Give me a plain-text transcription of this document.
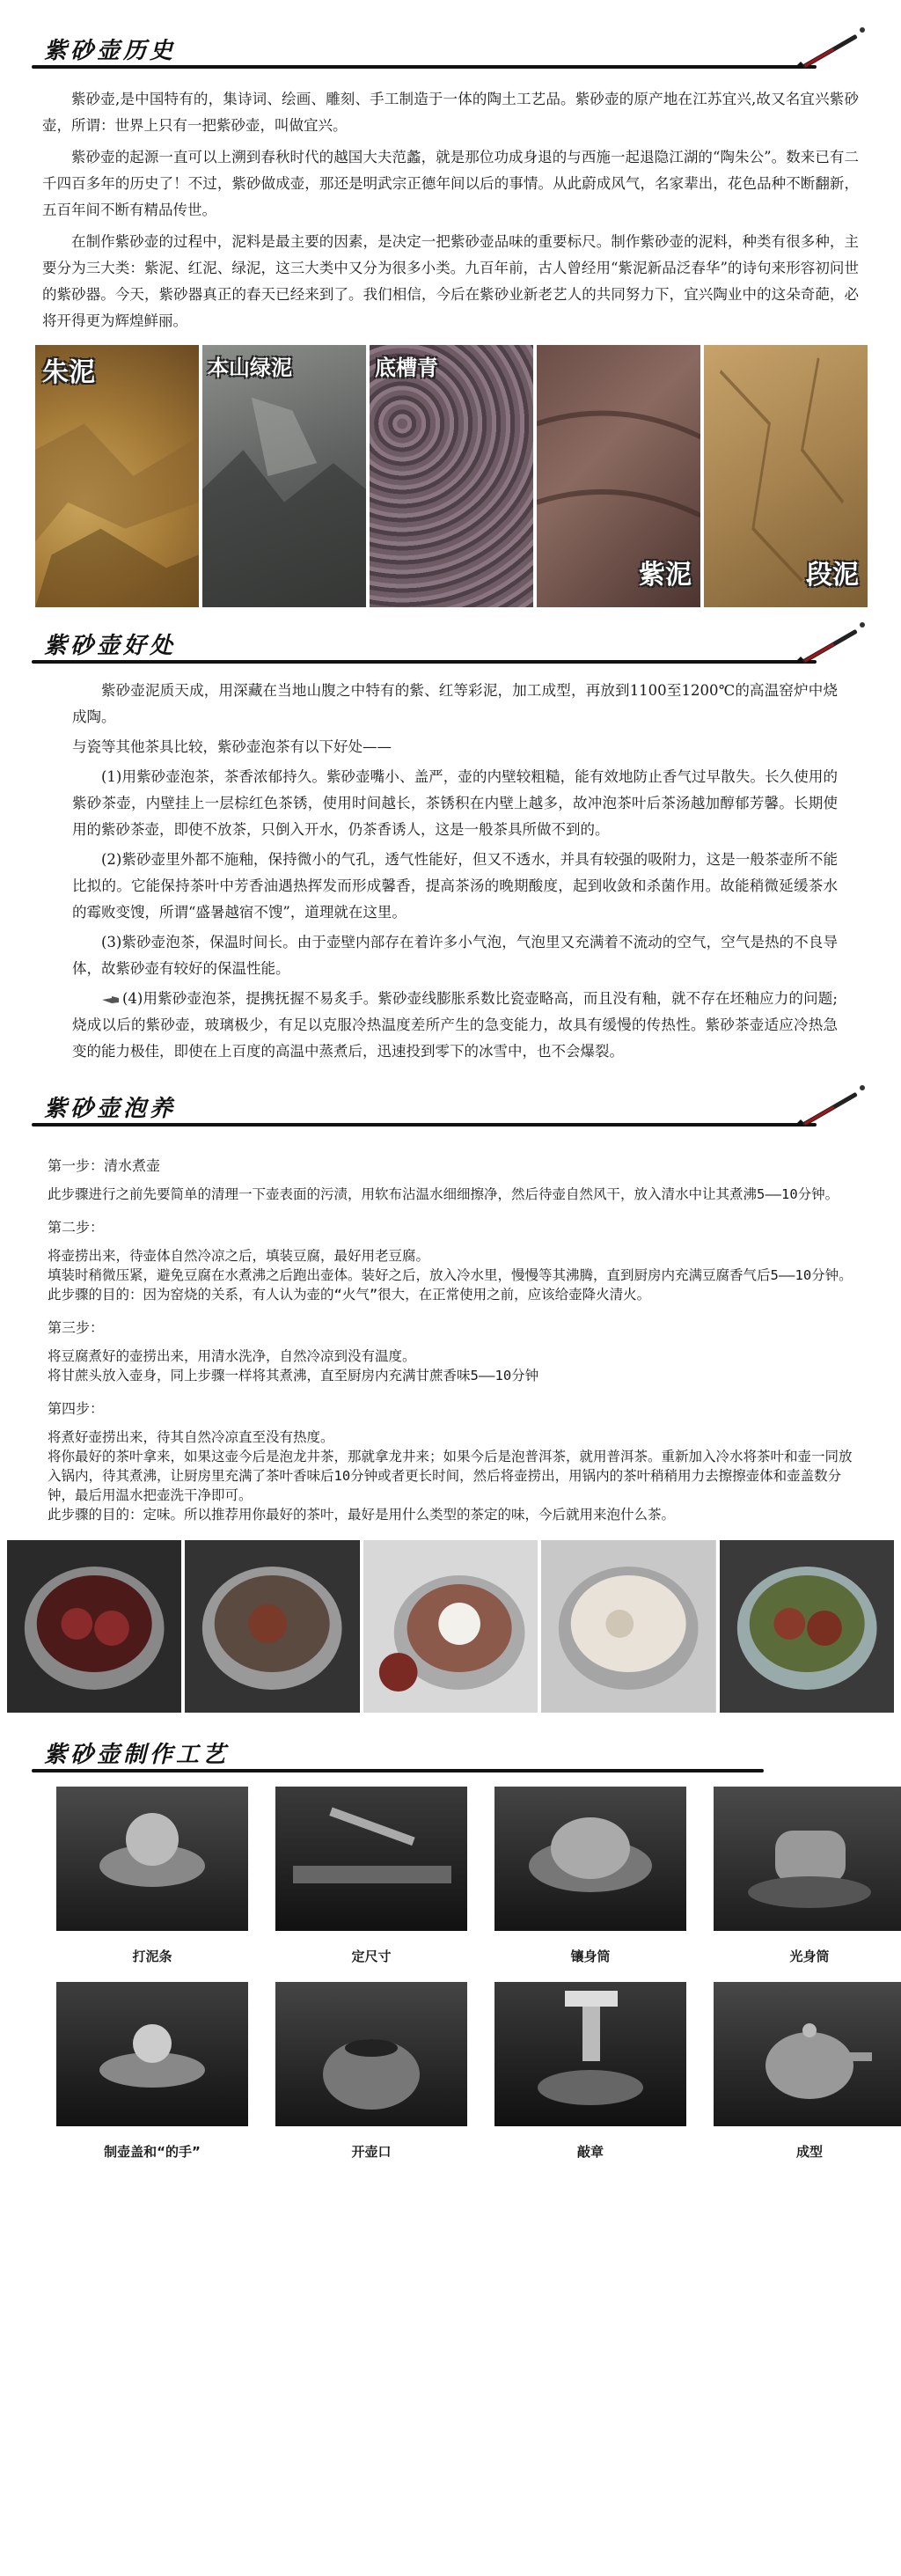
紫砂壶历史

紫砂壶,是中国特有的，集诗词、绘画、雕刻、手工制造于一体的陶土工艺品。紫砂壶的原产地在江苏宜兴,故又名宜兴紫砂壶，所谓：世界上只有一把紫砂壶，叫做宜兴。

紫砂壶的起源一直可以上溯到春秋时代的越国大夫范蠡，就是那位功成身退的与西施一起退隐江湖的“陶朱公”。数来已有二千四百多年的历史了！不过，紫砂做成壶，那还是明武宗正德年间以后的事情。从此蔚成风气，名家辈出，花色品种不断翻新，五百年间不断有精品传世。

在制作紫砂壶的过程中，泥料是最主要的因素，是决定一把紫砂壶品味的重要标尺。制作紫砂壶的泥料，种类有很多种，主要分为三大类：紫泥、红泥、绿泥，这三大类中又分为很多小类。九百年前，古人曾经用“紫泥新品泛春华”的诗句来形容初问世的紫砂器。今天，紫砂器真正的春天已经来到了。我们相信，今后在紫砂业新老艺人的共同努力下，宜兴陶业中的这朵奇葩，必将开得更为辉煌鲜丽。

朱泥	本山绿泥	底槽青
紫泥	段泥
紫砂壶好处

紫砂壶泥质天成，用深藏在当地山腹之中特有的紫、红等彩泥，加工成型，再放到1100至1200℃的高温窑炉中烧成陶。

与瓷等其他茶具比较，紫砂壶泡茶有以下好处——

(1)用紫砂壶泡茶，茶香浓郁持久。紫砂壶嘴小、盖严，壶的内壁较粗糙，能有效地防止香气过早散失。长久使用的紫砂茶壶，内壁挂上一层棕红色茶锈，使用时间越长，茶锈积在内壁上越多，故冲泡茶叶后茶汤越加醇郁芳馨。长期使用的紫砂茶壶，即使不放茶，只倒入开水，仍茶香诱人，这是一般茶具所做不到的。

(2)紫砂壶里外都不施釉，保持微小的气孔，透气性能好，但又不透水，并具有较强的吸附力，这是一般茶壶所不能比拟的。它能保持茶叶中芳香油遇热挥发而形成馨香，提高茶汤的晚期酸度，起到收敛和杀菌作用。故能稍微延缓茶水的霉败变馊，所谓“盛暑越宿不馊”，道理就在这里。

(3)紫砂壶泡茶，保温时间长。由于壶壁内部存在着许多小气泡，气泡里又充满着不流动的空气，空气是热的不良导体，故紫砂壶有较好的保温性能。

(4)用紫砂壶泡茶，提携抚握不易炙手。紫砂壶线膨胀系数比瓷壶略高，而且没有釉，就不存在坯釉应力的问题;烧成以后的紫砂壶，玻璃极少，有足以克服冷热温度差所产生的急变能力，故具有缓慢的传热性。紫砂茶壶适应冷热急变的能力极佳，即使在上百度的高温中蒸煮后，迅速投到零下的冰雪中，也不会爆裂。

紫砂壶泡养
第一步：清水煮壶

此步骤进行之前先要简单的清理一下壶表面的污渍，用软布沾温水细细擦净，然后待壶自然风干，放入清水中让其煮沸5——10分钟。

第二步：

将壶捞出来，待壶体自然冷凉之后，填装豆腐，最好用老豆腐。

填装时稍微压紧，避免豆腐在水煮沸之后跑出壶体。装好之后，放入冷水里，慢慢等其沸腾，直到厨房内充满豆腐香气后5——10分钟。

此步骤的目的：因为窑烧的关系，有人认为壶的“火气”很大，在正常使用之前，应该给壶降火清火。

第三步：

将豆腐煮好的壶捞出来，用清水洗净，自然冷凉到没有温度。

将甘蔗头放入壶身，同上步骤一样将其煮沸，直至厨房内充满甘蔗香味5——10分钟

第四步：

将煮好壶捞出来，待其自然冷凉直至没有热度。

将你最好的茶叶拿来，如果这壶今后是泡龙井茶，那就拿龙井来；如果今后是泡普洱茶，就用普洱茶。重新加入冷水将茶叶和壶一同放入锅内，待其煮沸，让厨房里充满了茶叶香味后10分钟或者更长时间，然后将壶捞出，用锅内的茶叶稍稍用力去擦擦壶体和壶盖数分钟，最后用温水把壶洗干净即可。

此步骤的目的：定味。所以推荐用你最好的茶叶，最好是用什么类型的茶定的味，今后就用来泡什么茶。

紫砂壶制作工艺
打泥条	定尺寸	镶身筒	光身筒
制壶盖和“的手”	开壶口	敲章	成型
